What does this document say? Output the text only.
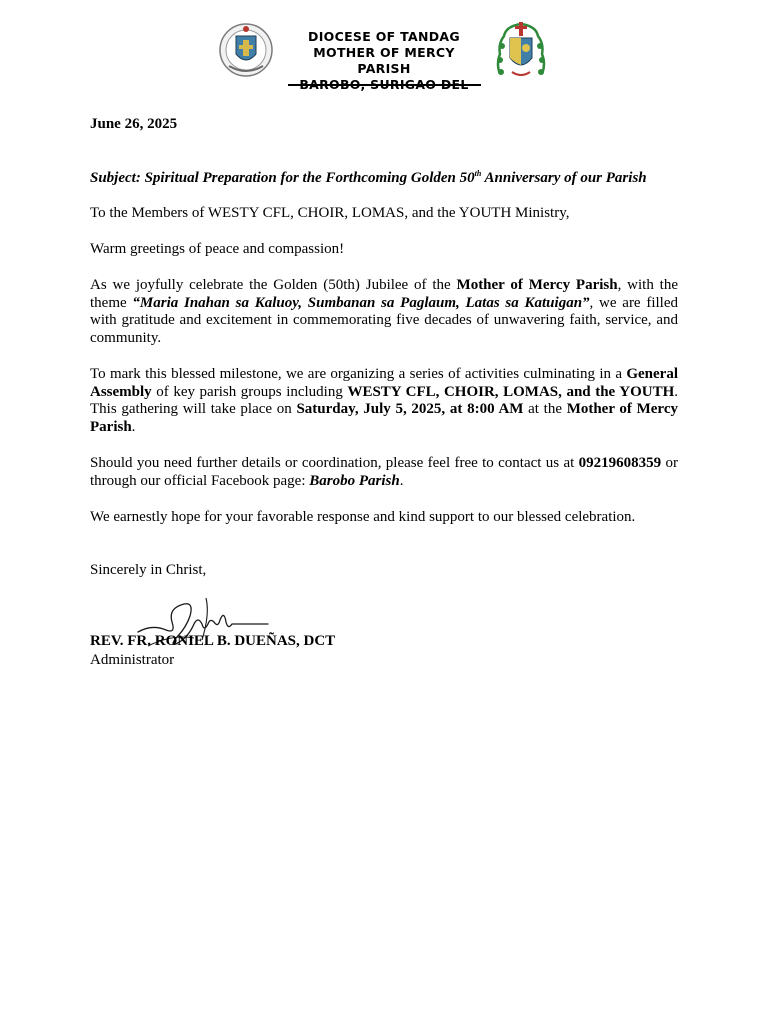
DIOCESE OF TANDAG
MOTHER OF MERCY
PARISH
BAROBO, SURIGAO DEL
June 26, 2025
Subject: Spiritual Preparation for the Forthcoming Golden 50th Anniversary of our Parish
To the Members of WESTY CFL, CHOIR, LOMAS, and the YOUTH Ministry,
Warm greetings of peace and compassion!
As we joyfully celebrate the Golden (50th) Jubilee of the Mother of Mercy Parish, with the theme “Maria Inahan sa Kaluoy, Sumbanan sa Paglaum, Latas sa Katuigan”, we are filled with gratitude and excitement in commemorating five decades of unwavering faith, service, and community.
To mark this blessed milestone, we are organizing a series of activities culminating in a General Assembly of key parish groups including WESTY CFL, CHOIR, LOMAS, and the YOUTH. This gathering will take place on Saturday, July 5, 2025, at 8:00 AM at the Mother of Mercy Parish.
Should you need further details or coordination, please feel free to contact us at 09219608359 or through our official Facebook page: Barobo Parish.
We earnestly hope for your favorable response and kind support to our blessed celebration.
Sincerely in Christ,
REV. FR. RONIEL B. DUEÑAS, DCT
Administrator
